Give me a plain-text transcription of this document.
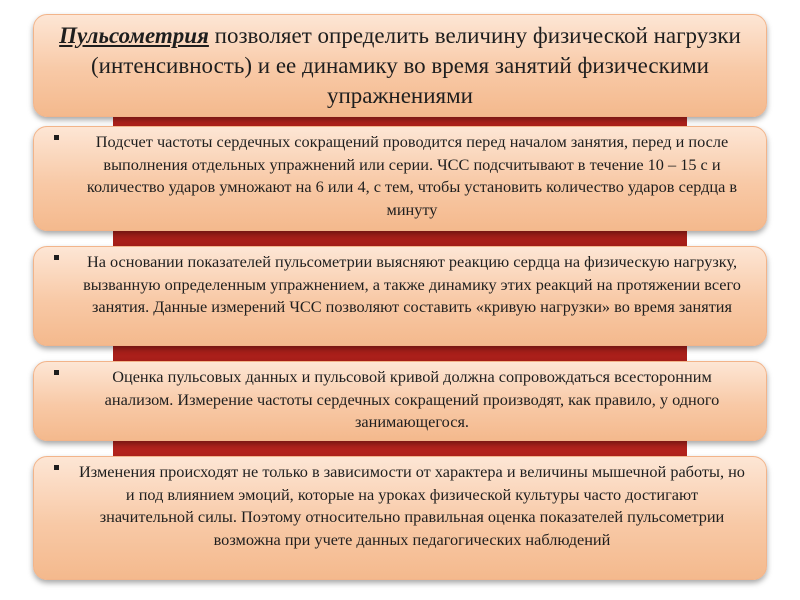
Пульсометрия позволяет определить величину физической нагрузки (интенсивность) и ее динамику во время занятий физическими упражнениями
Подсчет частоты сердечных сокращений проводится перед началом занятия, перед и после выполнения отдельных упражнений или серии. ЧСС подсчитывают в течение 10 – 15 с и количество ударов умножают на 6 или 4, с тем, чтобы установить количество ударов сердца в минуту
На основании показателей пульсометрии выясняют реакцию сердца на физическую нагрузку, вызванную определенным упражнением, а также динамику этих реакций на протяжении всего занятия. Данные измерений ЧСС позволяют составить «кривую нагрузки» во время занятия
Оценка пульсовых данных и пульсовой кривой должна сопровождаться всесторонним анализом. Измерение частоты сердечных сокращений производят, как правило, у одного занимающегося.
Изменения происходят не только в зависимости от характера и величины мышечной работы, но и под влиянием эмоций, которые на уроках физической культуры часто достигают значительной силы. Поэтому относительно правильная оценка показателей пульсометрии возможна при учете данных педагогических наблюдений
